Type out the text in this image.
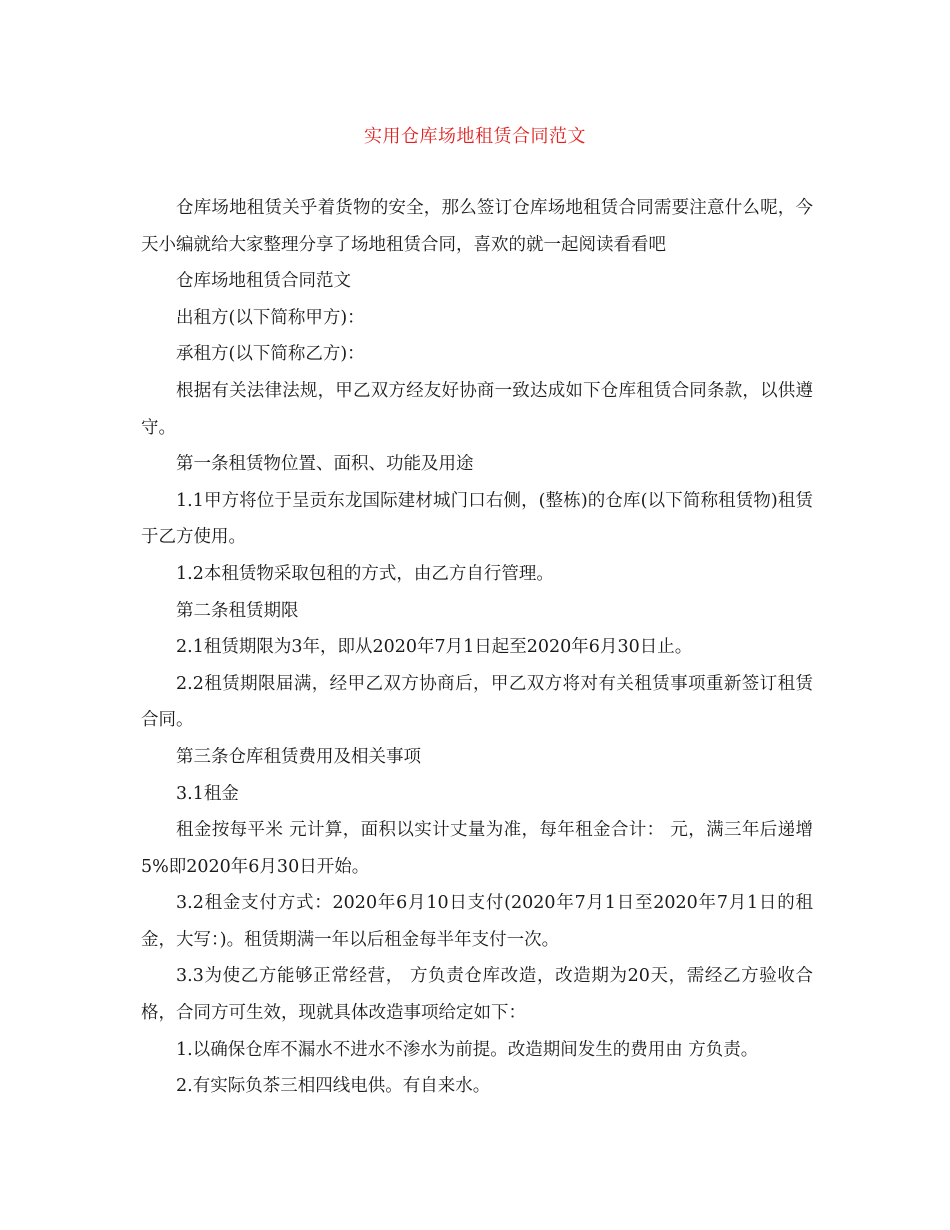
实用仓库场地租赁合同范文

仓库场地租赁关乎着货物的安全，那么签订仓库场地租赁合同需要注意什么呢，今天小编就给大家整理分享了场地租赁合同，喜欢的就一起阅读看看吧

仓库场地租赁合同范文

出租方(以下简称甲方)：

承租方(以下简称乙方)：

根据有关法律法规，甲乙双方经友好协商一致达成如下仓库租赁合同条款，以供遵守。

第一条租赁物位置、面积、功能及用途

1.1甲方将位于呈贡东龙国际建材城门口右侧，(整栋)的仓库(以下简称租赁物)租赁于乙方使用。

1.2本租赁物采取包租的方式，由乙方自行管理。

第二条租赁期限

2.1租赁期限为3年，即从2020年7月1日起至2020年6月30日止。

2.2租赁期限届满，经甲乙双方协商后，甲乙双方将对有关租赁事项重新签订租赁合同。

第三条仓库租赁费用及相关事项

3.1租金

租金按每平米 元计算，面积以实计丈量为准，每年租金合计： 元，满三年后递增5%即2020年6月30日开始。

3.2租金支付方式：2020年6月10日支付(2020年7月1日至2020年7月1日的租金，大写：)。租赁期满一年以后租金每半年支付一次。

3.3为使乙方能够正常经营， 方负责仓库改造，改造期为20天，需经乙方验收合格，合同方可生效，现就具体改造事项给定如下：

1.以确保仓库不漏水不进水不渗水为前提。改造期间发生的费用由 方负责。

2.有实际负茶三相四线电供。有自来水。
